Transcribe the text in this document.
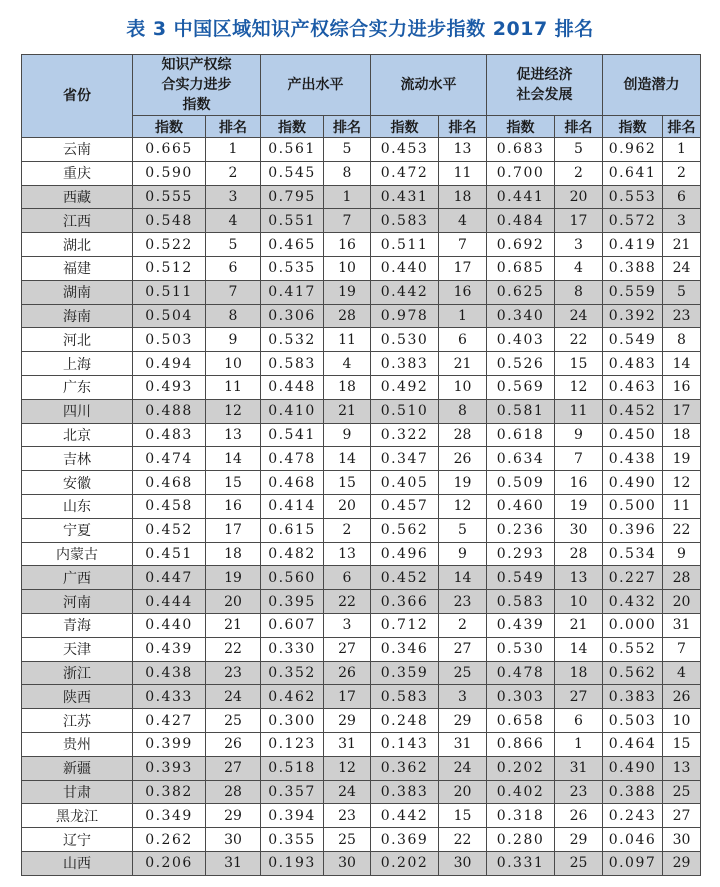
表 3 中国区域知识产权综合实力进步指数 2017 排名
省份	知识产权综合实力进步指数		产出水平		流动水平		促进经济社会发展		创造潜力	
	指数	排名	指数	排名	指数	排名	指数	排名	指数	排名
云南	0.665	1	0.561	5	0.453	13	0.683	5	0.962	1
重庆	0.590	2	0.545	8	0.472	11	0.700	2	0.641	2
西藏	0.555	3	0.795	1	0.431	18	0.441	20	0.553	6
江西	0.548	4	0.551	7	0.583	4	0.484	17	0.572	3
湖北	0.522	5	0.465	16	0.511	7	0.692	3	0.419	21
福建	0.512	6	0.535	10	0.440	17	0.685	4	0.388	24
湖南	0.511	7	0.417	19	0.442	16	0.625	8	0.559	5
海南	0.504	8	0.306	28	0.978	1	0.340	24	0.392	23
河北	0.503	9	0.532	11	0.530	6	0.403	22	0.549	8
上海	0.494	10	0.583	4	0.383	21	0.526	15	0.483	14
广东	0.493	11	0.448	18	0.492	10	0.569	12	0.463	16
四川	0.488	12	0.410	21	0.510	8	0.581	11	0.452	17
北京	0.483	13	0.541	9	0.322	28	0.618	9	0.450	18
吉林	0.474	14	0.478	14	0.347	26	0.634	7	0.438	19
安徽	0.468	15	0.468	15	0.405	19	0.509	16	0.490	12
山东	0.458	16	0.414	20	0.457	12	0.460	19	0.500	11
宁夏	0.452	17	0.615	2	0.562	5	0.236	30	0.396	22
内蒙古	0.451	18	0.482	13	0.496	9	0.293	28	0.534	9
广西	0.447	19	0.560	6	0.452	14	0.549	13	0.227	28
河南	0.444	20	0.395	22	0.366	23	0.583	10	0.432	20
青海	0.440	21	0.607	3	0.712	2	0.439	21	0.000	31
天津	0.439	22	0.330	27	0.346	27	0.530	14	0.552	7
浙江	0.438	23	0.352	26	0.359	25	0.478	18	0.562	4
陕西	0.433	24	0.462	17	0.583	3	0.303	27	0.383	26
江苏	0.427	25	0.300	29	0.248	29	0.658	6	0.503	10
贵州	0.399	26	0.123	31	0.143	31	0.866	1	0.464	15
新疆	0.393	27	0.518	12	0.362	24	0.202	31	0.490	13
甘肃	0.382	28	0.357	24	0.383	20	0.402	23	0.388	25
黑龙江	0.349	29	0.394	23	0.442	15	0.318	26	0.243	27
辽宁	0.262	30	0.355	25	0.369	22	0.280	29	0.046	30
山西	0.206	31	0.193	30	0.202	30	0.331	25	0.097	29
